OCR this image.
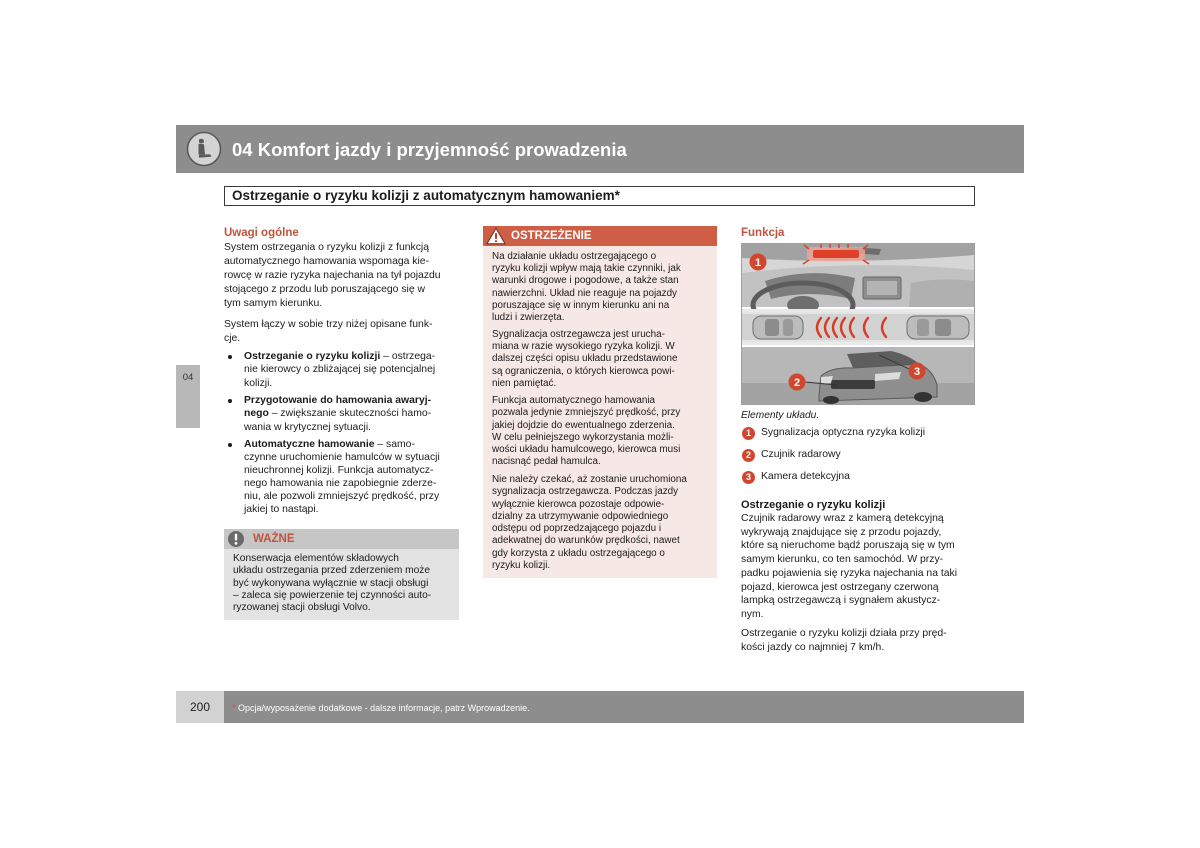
04 Komfort jazdy i przyjemność prowadzenia
Ostrzeganie o ryzyku kolizji z automatycznym hamowaniem*
04
Uwagi ogólne
System ostrzegania o ryzyku kolizji z funkcją
automatycznego hamowania wspomaga kie-
rowcę w razie ryzyka najechania na tył pojazdu
stojącego z przodu lub poruszającego się w
tym samym kierunku.
System łączy w sobie trzy niżej opisane funk-
cje.
Ostrzeganie o ryzyku kolizji – ostrzega-
nie kierowcy o zbliżającej się potencjalnej
kolizji.
Przygotowanie do hamowania awaryj-
nego – zwiększanie skuteczności hamo-
wania w krytycznej sytuacji.
Automatyczne hamowanie – samo-
czynne uruchomienie hamulców w sytuacji
nieuchronnej kolizji. Funkcja automatycz-
nego hamowania nie zapobiegnie zderze-
niu, ale pozwoli zmniejszyć prędkość, przy
jakiej to nastąpi.
WAŻNE
Konserwacja elementów składowych
układu ostrzegania przed zderzeniem może
być wykonywana wyłącznie w stacji obsługi
– zaleca się powierzenie tej czynności auto-
ryzowanej stacji obsługi Volvo.
OSTRZEŻENIE
Na działanie układu ostrzegającego o
ryzyku kolizji wpływ mają takie czynniki, jak
warunki drogowe i pogodowe, a także stan
nawierzchni. Układ nie reaguje na pojazdy
poruszające się w innym kierunku ani na
ludzi i zwierzęta.
Sygnalizacja ostrzegawcza jest urucha-
miana w razie wysokiego ryzyka kolizji. W
dalszej części opisu układu przedstawione
są ograniczenia, o których kierowca powi-
nien pamiętać.
Funkcja automatycznego hamowania
pozwala jedynie zmniejszyć prędkość, przy
jakiej dojdzie do ewentualnego zderzenia.
W celu pełniejszego wykorzystania możli-
wości układu hamulcowego, kierowca musi
nacisnąć pedał hamulca.
Nie należy czekać, aż zostanie uruchomiona
sygnalizacja ostrzegawcza. Podczas jazdy
wyłącznie kierowca pozostaje odpowie-
dzialny za utrzymywanie odpowiedniego
odstępu od poprzedzającego pojazdu i
adekwatnej do warunków prędkości, nawet
gdy korzysta z układu ostrzegającego o
ryzyku kolizji.
Funkcja
1
2
3
Elementy układu.
1 Sygnalizacja optyczna ryzyka kolizji
2 Czujnik radarowy
3 Kamera detekcyjna
Ostrzeganie o ryzyku kolizji
Czujnik radarowy wraz z kamerą detekcyjną
wykrywają znajdujące się z przodu pojazdy,
które są nieruchome bądź poruszają się w tym
samym kierunku, co ten samochód. W przy-
padku pojawienia się ryzyka najechania na taki
pojazd, kierowca jest ostrzegany czerwoną
lampką ostrzegawczą i sygnałem akustycz-
nym.
Ostrzeganie o ryzyku kolizji działa przy pręd-
kości jazdy co najmniej 7 km/h.
200	* Opcja/wyposażenie dodatkowe - dalsze informacje, patrz Wprowadzenie.
